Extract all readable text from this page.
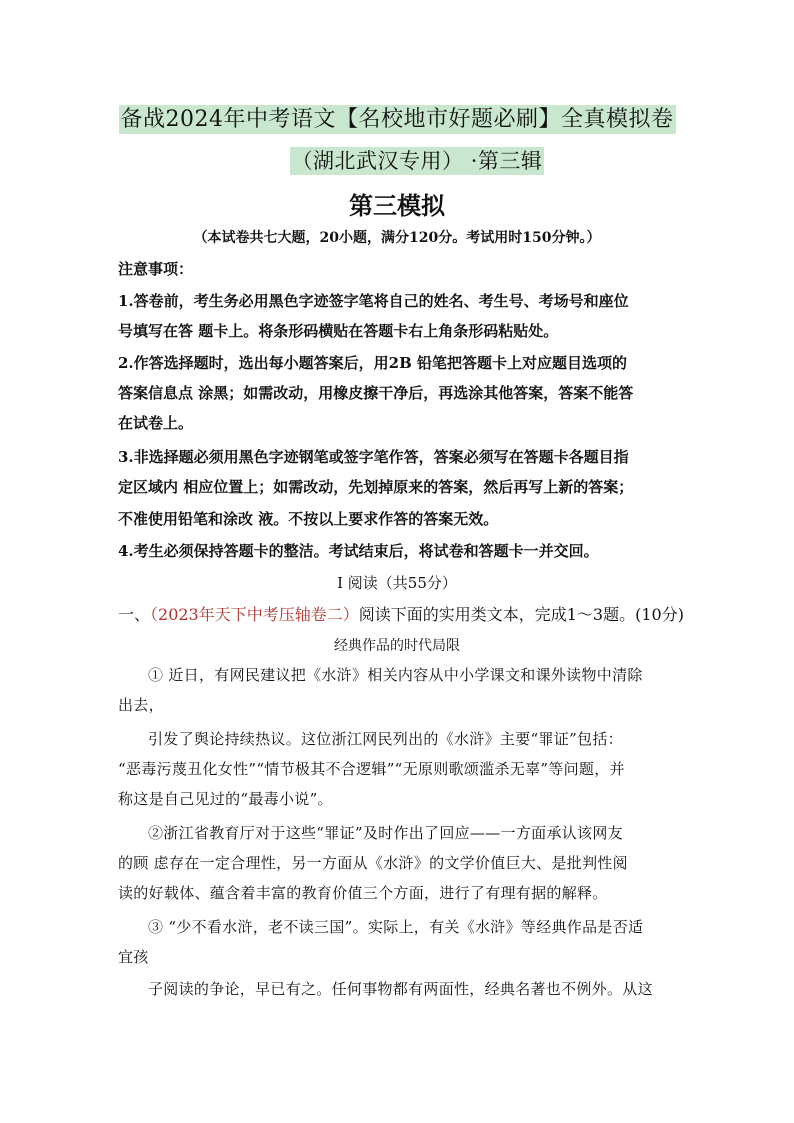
备战2024年中考语文【名校地市好题必刷】全真模拟卷
（湖北武汉专用） ·第三辑
第三模拟
（本试卷共七大题，20小题，满分120分。考试用时150分钟。）
注意事项：
1.答卷前，考生务必用黑色字迹签字笔将自己的姓名、考生号、考场号和座位
号填写在答 题卡上。将条形码横贴在答题卡右上角条形码粘贴处。
2.作答选择题时，选出每小题答案后，用2B 铅笔把答题卡上对应题目选项的
答案信息点 涂黑；如需改动，用橡皮擦干净后，再选涂其他答案，答案不能答
在试卷上。
3.非选择题必须用黑色字迹钢笔或签字笔作答，答案必须写在答题卡各题目指
定区域内 相应位置上；如需改动，先划掉原来的答案，然后再写上新的答案；
不准使用铅笔和涂改 液。不按以上要求作答的答案无效。
4.考生必须保持答题卡的整洁。考试结束后，将试卷和答题卡一并交回。
Ⅰ 阅读（共55分）
一、（2023年天下中考压轴卷二）阅读下面的实用类文本，完成1～3题。(10分)
经典作品的时代局限
① 近日，有网民建议把《水浒》相关内容从中小学课文和课外读物中清除
出去，
引发了舆论持续热议。这位浙江网民列出的《水浒》主要“罪证”包括：
“恶毒污蔑丑化女性”“情节极其不合逻辑”“无原则歌颂滥杀无辜”等问题，并
称这是自己见过的“最毒小说”。
②浙江省教育厅对于这些“罪证”及时作出了回应——一方面承认该网友
的顾 虑存在一定合理性，另一方面从《水浒》的文学价值巨大、是批判性阅
读的好载体、蕴含着丰富的教育价值三个方面，进行了有理有据的解释。
③ “少不看水浒，老不读三国”。实际上，有关《水浒》等经典作品是否适
宜孩
子阅读的争论，早已有之。任何事物都有两面性，经典名著也不例外。从这
